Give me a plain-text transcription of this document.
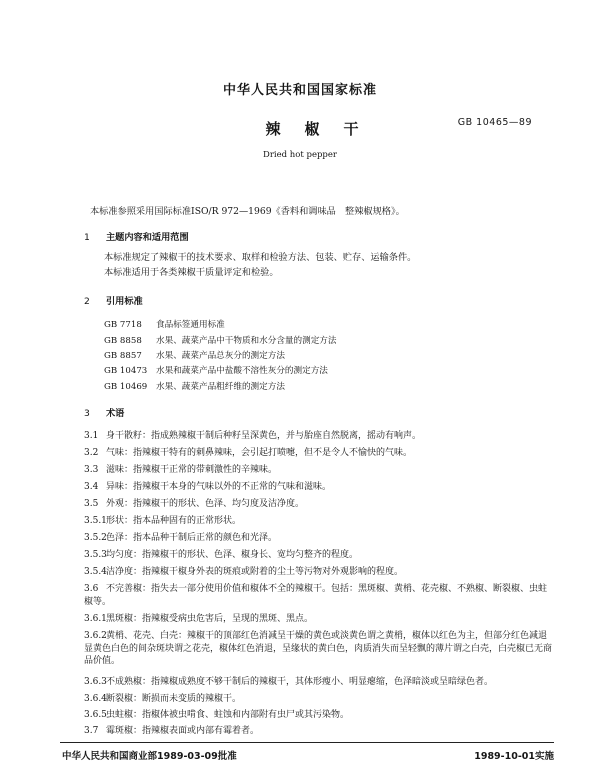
中华人民共和国国家标准
辣椒干	GB 10465—89
Dried hot pepper
本标准参照采用国际标准ISO/R 972—1969《香料和调味品　整辣椒规格》。
1 主题内容和适用范围
本标准规定了辣椒干的技术要求、取样和检验方法、包装、贮存、运输条件。
本标准适用于各类辣椒干质量评定和检验。
2 引用标准
GB 7718 食品标签通用标准
GB 8858 水果、蔬菜产品中干物质和水分含量的测定方法
GB 8857 水果、蔬菜产品总灰分的测定方法
GB 10473 水果和蔬菜产品中盐酸不溶性灰分的测定方法
GB 10469 水果、蔬菜产品粗纤维的测定方法
3 术语
3.1 身干散籽：指成熟辣椒干制后种籽呈深黄色，并与胎座自然脱离，摇动有响声。
3.2 气味：指辣椒干特有的刺鼻辣味，会引起打喷嚏，但不是令人不愉快的气味。
3.3 滋味：指辣椒干正常的带刺激性的辛辣味。
3.4 异味：指辣椒干本身的气味以外的不正常的气味和滋味。
3.5 外观：指辣椒干的形状、色泽、均匀度及洁净度。
3.5.1形状：指本品种固有的正常形状。
3.5.2色泽：指本品种干制后正常的颜色和光泽。
3.5.3均匀度：指辣椒干的形状、色泽、椒身长、宽均匀整齐的程度。
3.5.4洁净度：指辣椒干椒身外表的斑痕或附着的尘土等污物对外观影响的程度。
3.6 不完善椒：指失去一部分使用价值和椒体不全的辣椒干。包括：黑斑椒、黄梢、花壳椒、不熟椒、断裂椒、虫蛀椒等。
3.6.1黑斑椒：指辣椒受病虫危害后，呈现的黑斑、黑点。
3.6.2黄梢、花壳、白壳：辣椒干的顶部红色消减呈干燥的黄色或淡黄色谓之黄梢，椒体以红色为主，但部分红色减退显黄色白色的间杂斑块谓之花壳，椒体红色消退，呈缘状的黄白色，肉质消失而呈轻飘的薄片谓之白壳，白壳椒已无商品价值。
3.6.3不成熟椒：指辣椒成熟度不够干制后的辣椒干，其体形瘦小、明显瘪缩，色泽暗淡或呈暗绿色者。
3.6.4断裂椒：断损而未变质的辣椒干。
3.6.5虫蛀椒：指椒体被虫啃食、蛀蚀和内部附有虫尸或其污染物。
3.7 霉斑椒：指辣椒表面或内部有霉着者。
中华人民共和国商业部1989-03-09批准	1989-10-01实施
